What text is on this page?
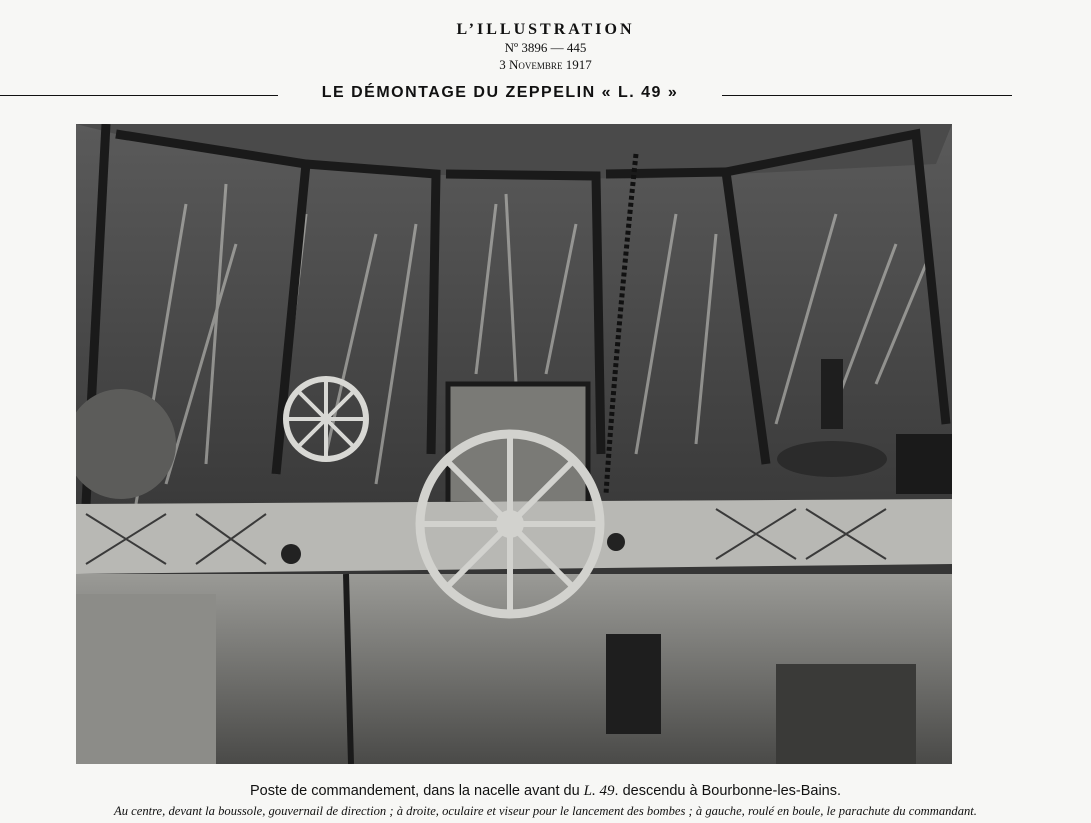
L’ILLUSTRATION
Nº 3896 — 445
3 Novembre 1917
LE DÉMONTAGE DU ZEPPELIN « L. 49 »
Poste de commandement, dans la nacelle avant du L. 49. descendu à Bourbonne-les-Bains.
Au centre, devant la boussole, gouvernail de direction ; à droite, oculaire et viseur pour le lancement des bombes ; à gauche, roulé en boule, le parachute du commandant.
